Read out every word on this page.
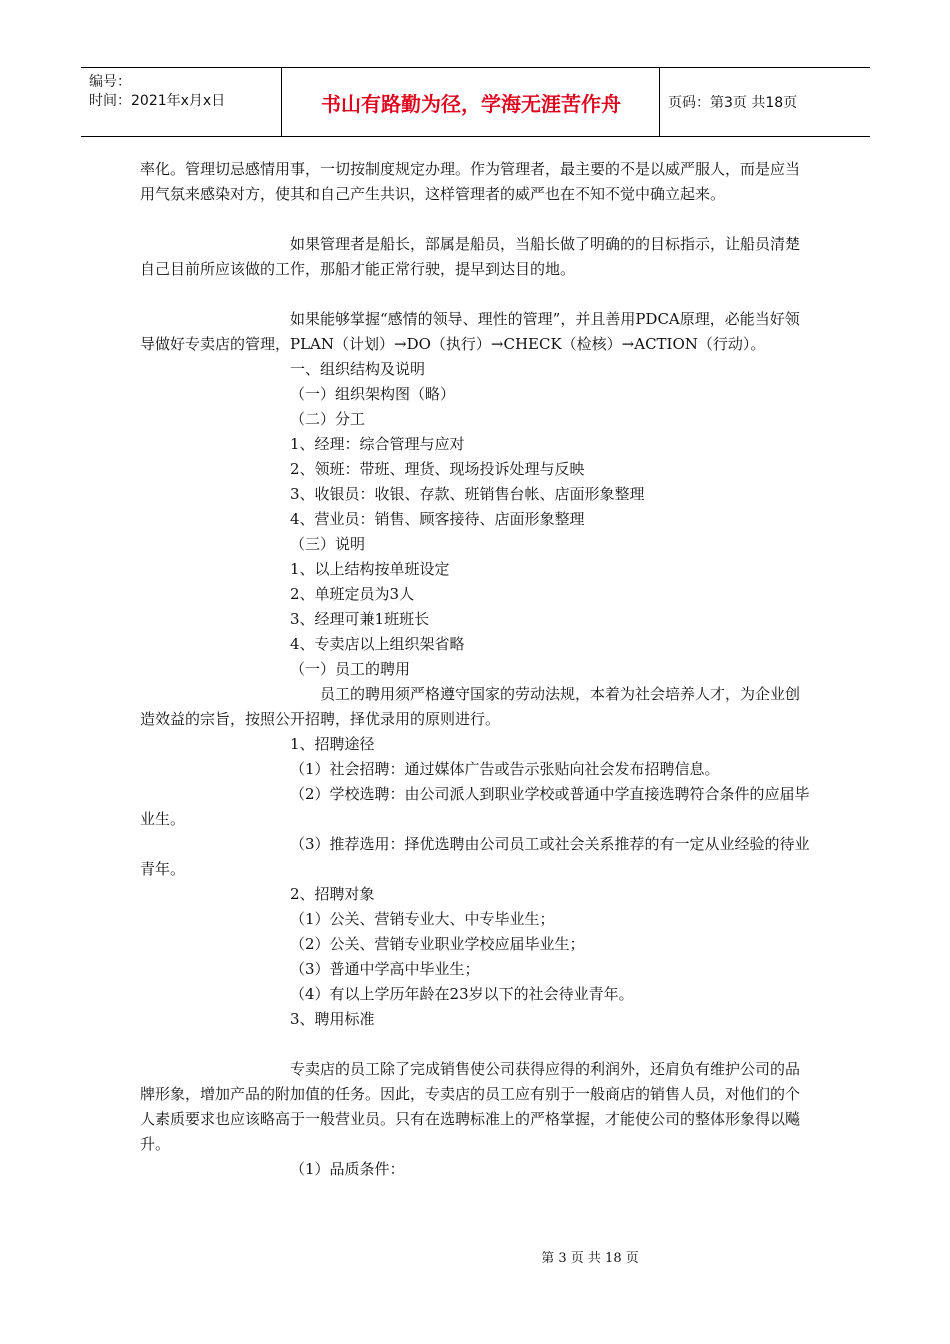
编号：
时间：2021年x月x日	书山有路勤为径，学海无涯苦作舟	页码：第3页 共18页

率化。管理切忌感情用事，一切按制度规定办理。作为管理者，最主要的不是以威严服人，而是应当用气氛来感染对方，使其和自己产生共识，这样管理者的威严也在不知不觉中确立起来。

如果管理者是船长，部属是船员，当船长做了明确的的目标指示，让船员清楚自己目前所应该做的工作，那船才能正常行驶，提早到达目的地。

如果能够掌握“感情的领导、理性的管理”，并且善用PDCA原理，必能当好领导做好专卖店的管理，PLAN（计划）→DO（执行）→CHECK（检核）→ACTION（行动）。

一、组织结构及说明

（一）组织架构图（略）

（二）分工

1、经理：综合管理与应对

2、领班：带班、理货、现场投诉处理与反映

3、收银员：收银、存款、班销售台帐、店面形象整理

4、营业员：销售、顾客接待、店面形象整理

（三）说明

1、以上结构按单班设定

2、单班定员为3人

3、经理可兼1班班长

4、专卖店以上组织架省略

（一）员工的聘用

员工的聘用须严格遵守国家的劳动法规，本着为社会培养人才，为企业创造效益的宗旨，按照公开招聘，择优录用的原则进行。

1、招聘途径

（1）社会招聘：通过媒体广告或告示张贴向社会发布招聘信息。

（2）学校选聘：由公司派人到职业学校或普通中学直接选聘符合条件的应届毕业生。

（3）推荐选用：择优选聘由公司员工或社会关系推荐的有一定从业经验的待业青年。

2、招聘对象

（1）公关、营销专业大、中专毕业生；

（2）公关、营销专业职业学校应届毕业生；

（3）普通中学高中毕业生；

（4）有以上学历年龄在23岁以下的社会待业青年。

3、聘用标准

专卖店的员工除了完成销售使公司获得应得的利润外，还肩负有维护公司的品牌形象，增加产品的附加值的任务。因此，专卖店的员工应有别于一般商店的销售人员，对他们的个人素质要求也应该略高于一般营业员。只有在选聘标准上的严格掌握，才能使公司的整体形象得以飚升。

（1）品质条件：

第 3 页 共 18 页
